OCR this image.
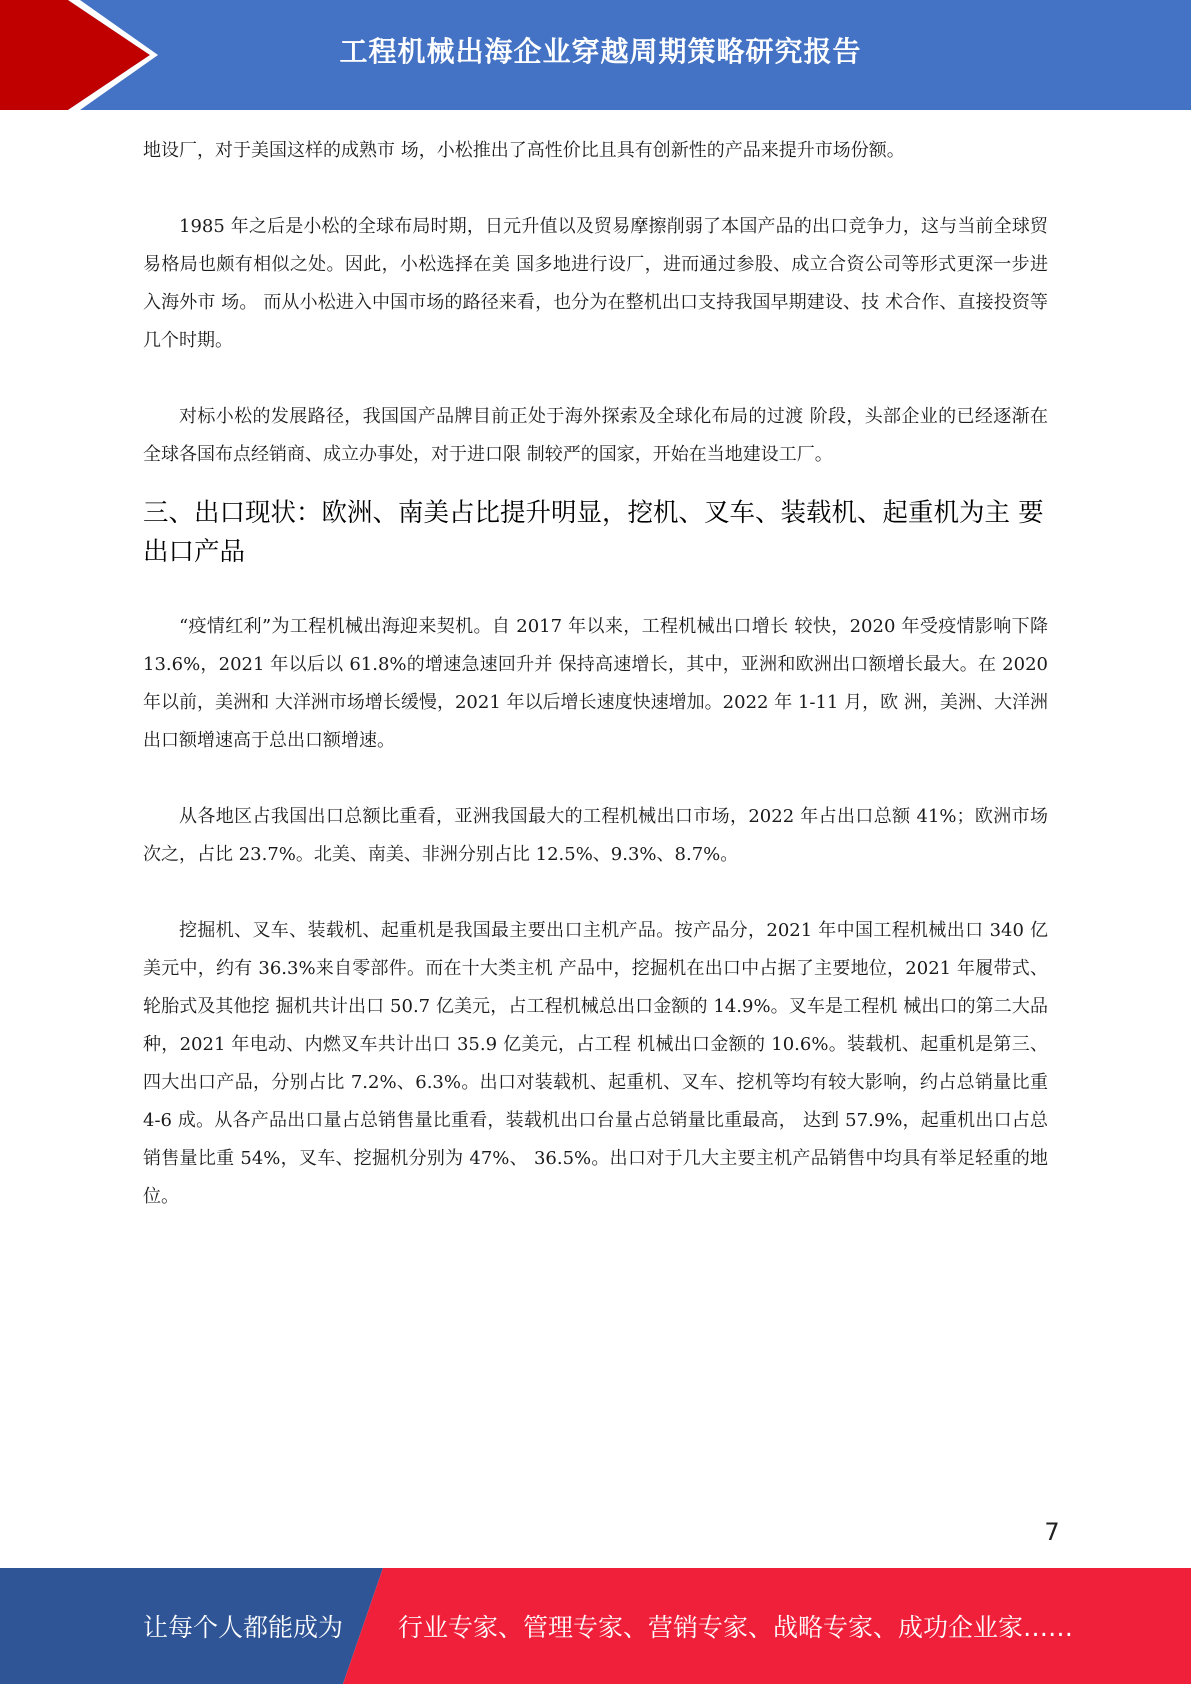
工程机械出海企业穿越周期策略研究报告

地设厂，对于美国这样的成熟市 场，小松推出了高性价比且具有创新性的产品来提升市场份额。

1985 年之后是小松的全球布局时期，日元升值以及贸易摩擦削弱了本国产品的出口竞争力，这与当前全球贸易格局也颇有相似之处。因此，小松选择在美 国多地进行设厂，进而通过参股、成立合资公司等形式更深一步进入海外市 场。 而从小松进入中国市场的路径来看，也分为在整机出口支持我国早期建设、技 术合作、直接投资等几个时期。

对标小松的发展路径，我国国产品牌目前正处于海外探索及全球化布局的过渡 阶段，头部企业的已经逐渐在全球各国布点经销商、成立办事处，对于进口限 制较严的国家，开始在当地建设工厂。

三、出口现状：欧洲、南美占比提升明显，挖机、叉车、装载机、起重机为主 要出口产品

“疫情红利”为工程机械出海迎来契机。自 2017 年以来，工程机械出口增长 较快，2020 年受疫情影响下降 13.6%，2021 年以后以 61.8%的增速急速回升并 保持高速增长，其中，亚洲和欧洲出口额增长最大。在 2020 年以前，美洲和 大洋洲市场增长缓慢，2021 年以后增长速度快速增加。2022 年 1-11 月，欧 洲，美洲、大洋洲出口额增速高于总出口额增速。

从各地区占我国出口总额比重看，亚洲我国最大的工程机械出口市场，2022 年占出口总额 41%；欧洲市场次之，占比 23.7%。北美、南美、非洲分别占比 12.5%、9.3%、8.7%。

挖掘机、叉车、装载机、起重机是我国最主要出口主机产品。按产品分，2021 年中国工程机械出口 340 亿美元中，约有 36.3%来自零部件。而在十大类主机 产品中，挖掘机在出口中占据了主要地位，2021 年履带式、轮胎式及其他挖 掘机共计出口 50.7 亿美元，占工程机械总出口金额的 14.9%。叉车是工程机 械出口的第二大品种，2021 年电动、内燃叉车共计出口 35.9 亿美元，占工程 机械出口金额的 10.6%。装载机、起重机是第三、四大出口产品，分别占比 7.2%、6.3%。出口对装载机、起重机、叉车、挖机等均有较大影响，约占总销量比重 4-6 成。从各产品出口量占总销售量比重看，装载机出口台量占总销量比重最高， 达到 57.9%，起重机出口占总销售量比重 54%，叉车、挖掘机分别为 47%、 36.5%。出口对于几大主要主机产品销售中均具有举足轻重的地位。

7
让每个人都能成为 行业专家、管理专家、营销专家、战略专家、成功企业家……
